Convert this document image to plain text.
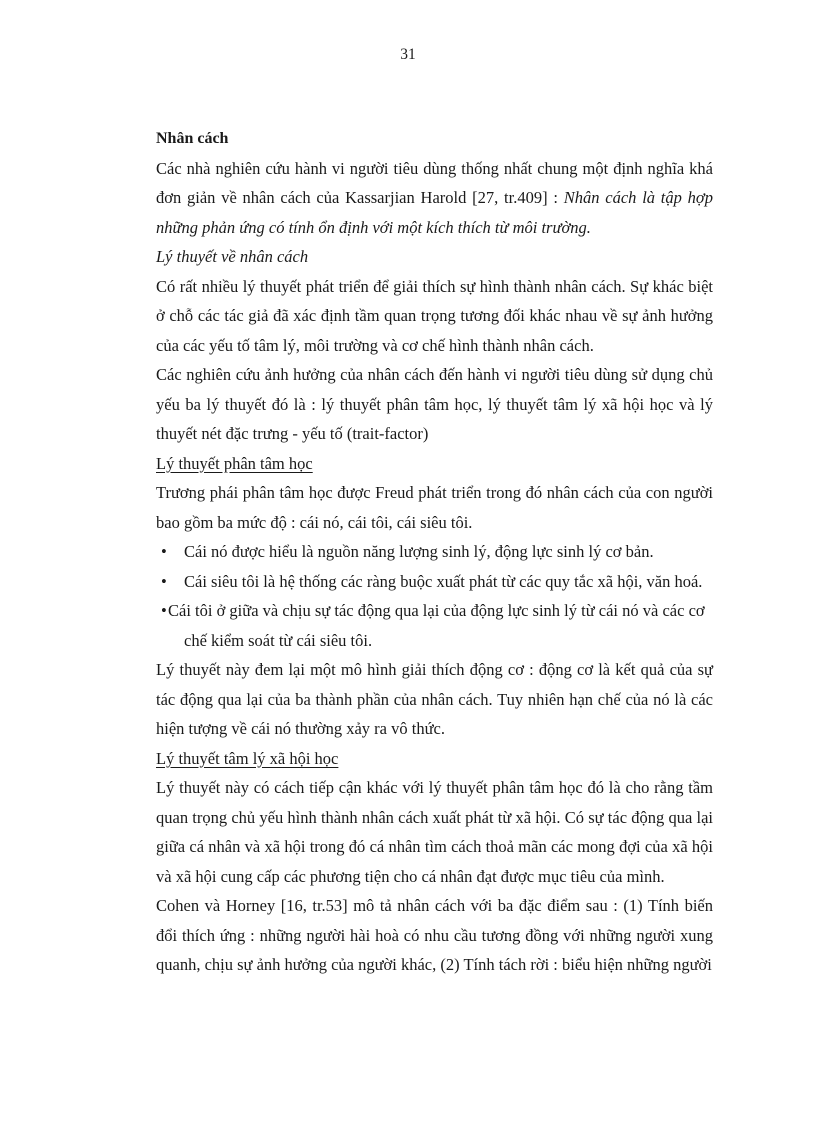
31
Nhân cách

Các nhà nghiên cứu hành vi người tiêu dùng thống nhất chung một định nghĩa khá đơn giản về nhân cách của Kassarjian Harold [27, tr.409] : Nhân cách là tập hợp những phản ứng có tính ổn định với một kích thích từ môi trường.

Lý thuyết về nhân cách

Có rất nhiều lý thuyết phát triển để giải thích sự hình thành nhân cách. Sự khác biệt ở chỗ các tác giả đã xác định tầm quan trọng tương đối khác nhau về sự ảnh hưởng của các yếu tố tâm lý, môi trường và cơ chế hình thành nhân cách.

Các nghiên cứu ảnh hưởng của nhân cách đến hành vi người tiêu dùng sử dụng chủ yếu ba lý thuyết đó là : lý thuyết phân tâm học, lý thuyết tâm lý xã hội học và lý thuyết nét đặc trưng - yếu tố (trait-factor)

Lý thuyết phân tâm học

Trương phái phân tâm học được Freud phát triển trong đó nhân cách của con người bao gồm ba mức độ : cái nó, cái tôi, cái siêu tôi.

• Cái nó được hiểu là nguồn năng lượng sinh lý, động lực sinh lý cơ bản.
• Cái siêu tôi là hệ thống các ràng buộc xuất phát từ các quy tắc xã hội, văn hoá.
• Cái tôi ở giữa và chịu sự tác động qua lại của động lực sinh lý từ cái nó và các cơ chế kiểm soát từ cái siêu tôi.

Lý thuyết này đem lại một mô hình giải thích động cơ : động cơ là kết quả của sự tác động qua lại của ba thành phần của nhân cách. Tuy nhiên hạn chế của nó là các hiện tượng về cái nó thường xảy ra vô thức.

Lý thuyết tâm lý xã hội học

Lý thuyết này có cách tiếp cận khác với lý thuyết phân tâm học đó là cho rằng tầm quan trọng chủ yếu hình thành nhân cách xuất phát từ xã hội. Có sự tác động qua lại giữa cá nhân và xã hội trong đó cá nhân tìm cách thoả mãn các mong đợi của xã hội và xã hội cung cấp các phương tiện cho cá nhân đạt được mục tiêu của mình.

Cohen và Horney [16, tr.53] mô tả nhân cách với ba đặc điểm sau : (1) Tính biến đổi thích ứng : những người hài hoà có nhu cầu tương đồng với những người xung quanh, chịu sự ảnh hưởng của người khác, (2) Tính tách rời : biểu hiện những người
